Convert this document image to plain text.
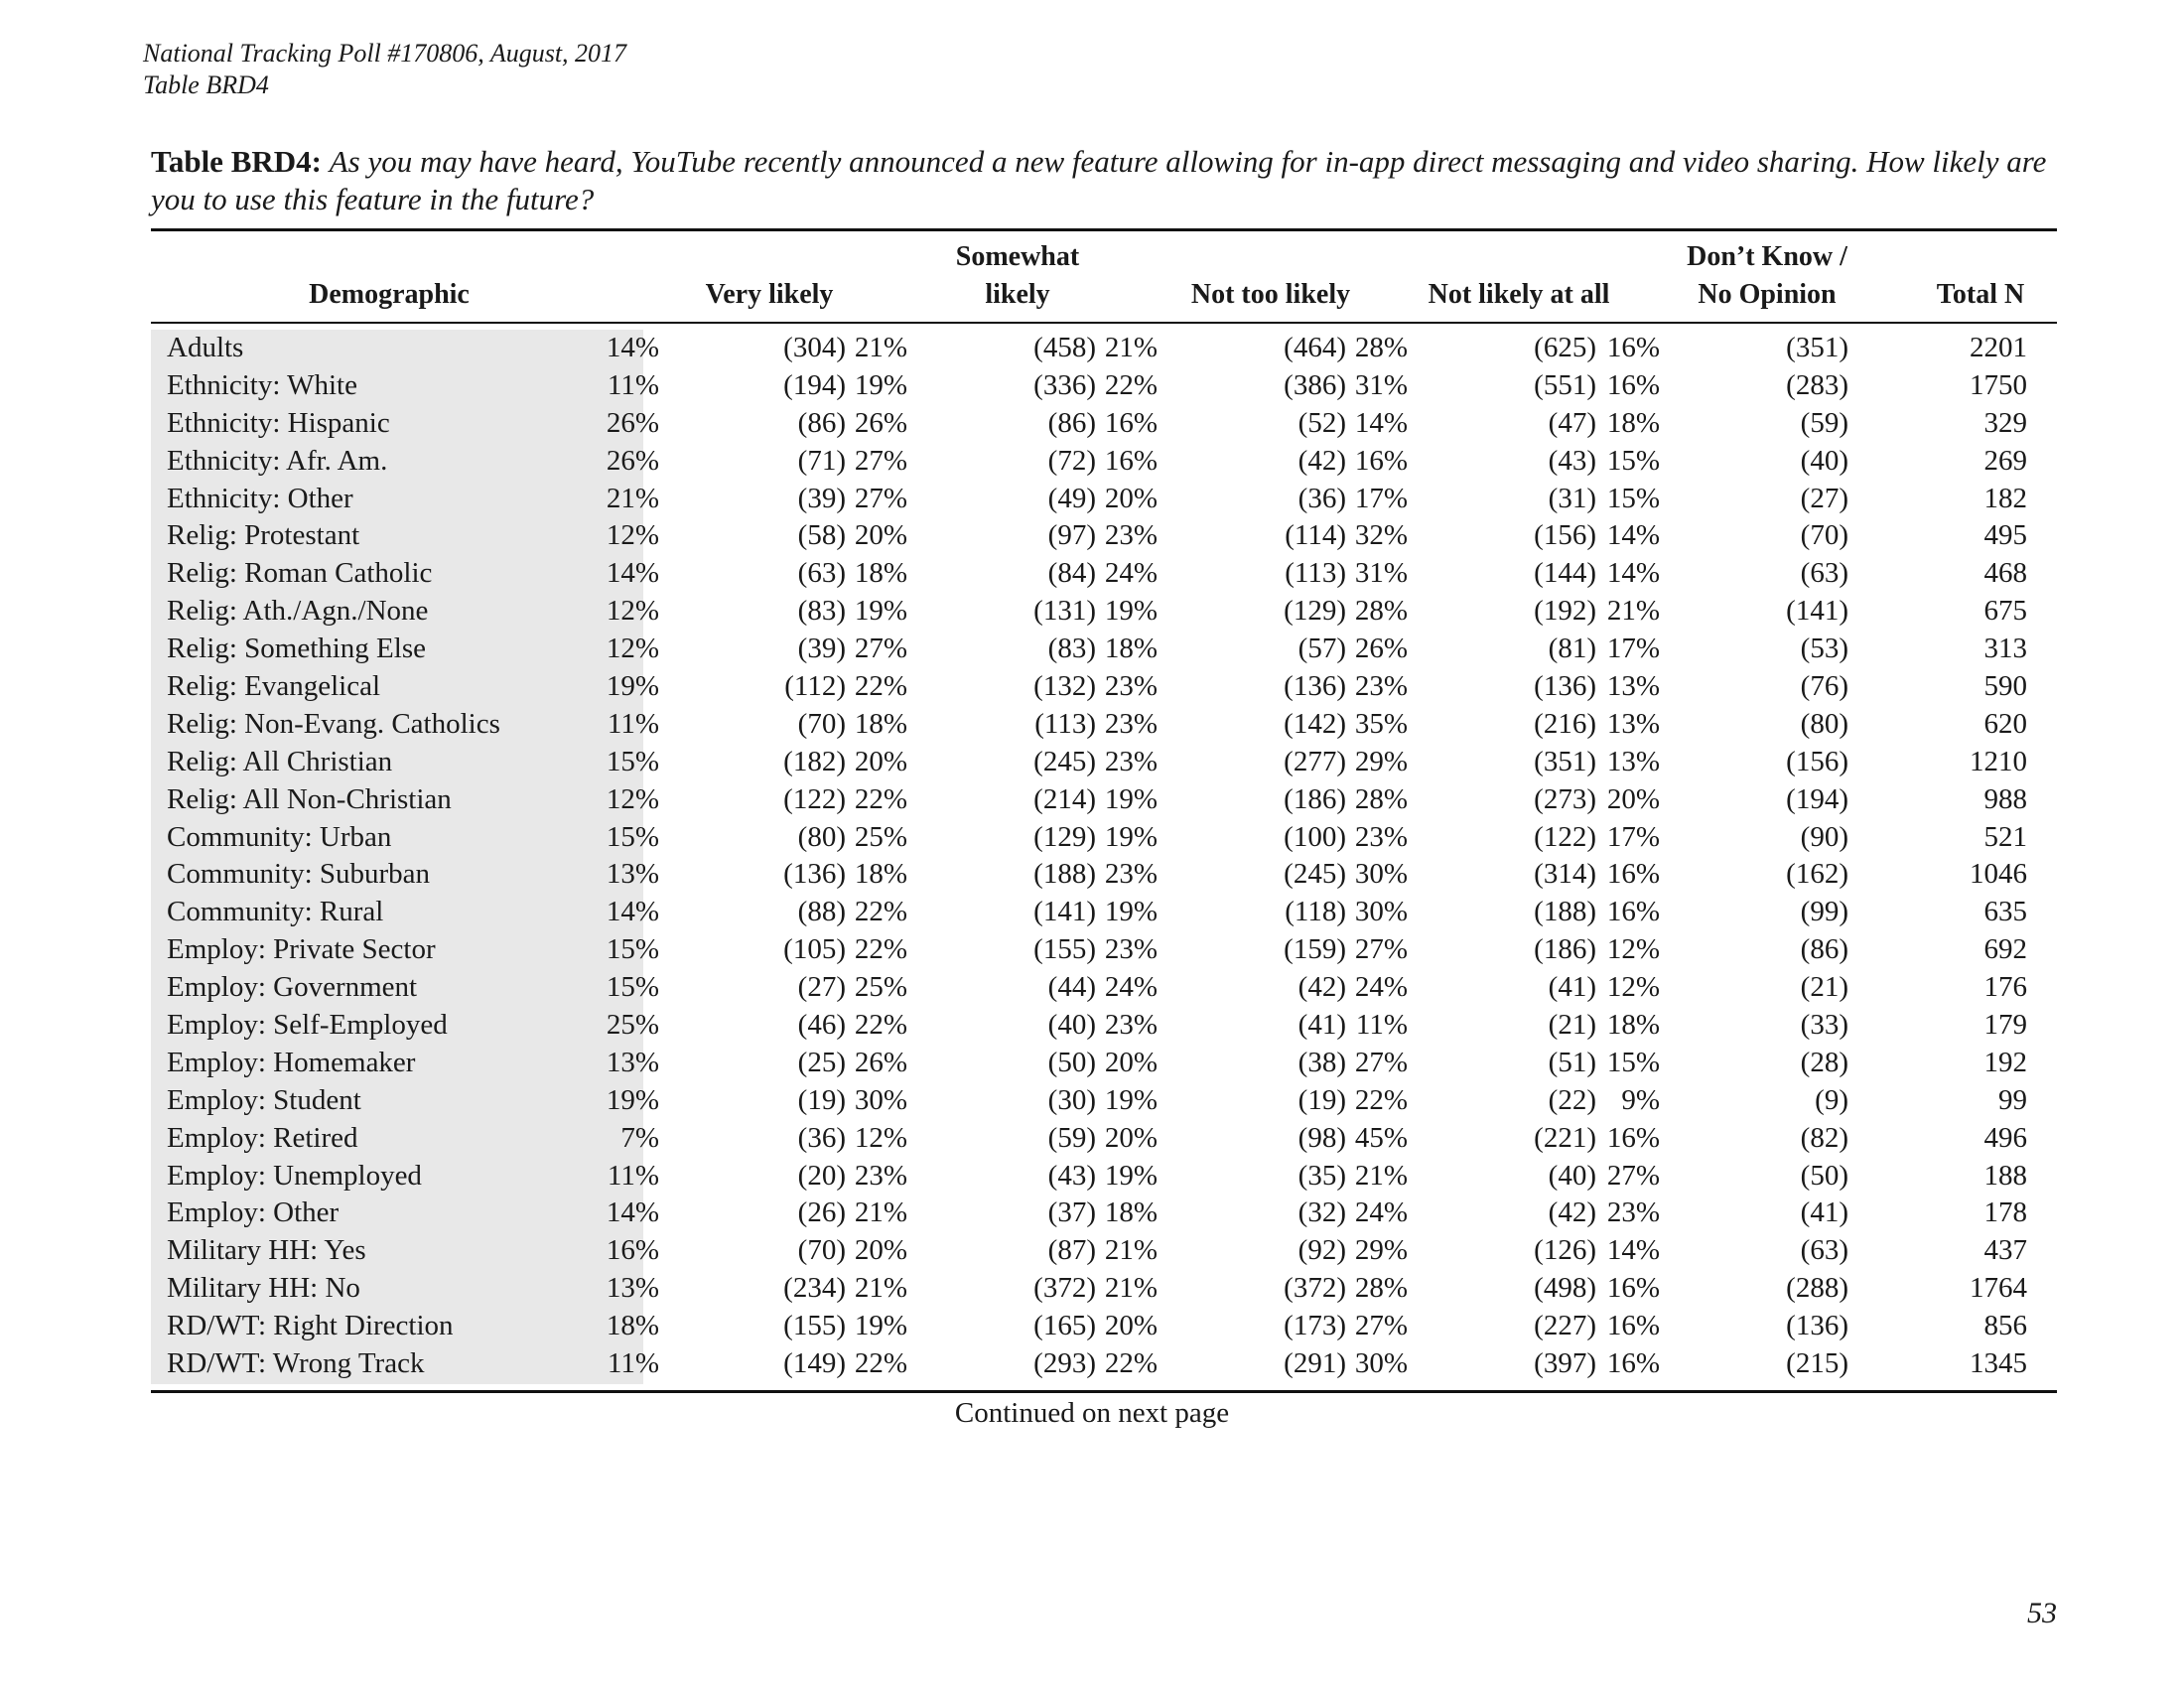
National Tracking Poll #170806, August, 2017
Table BRD4
Table BRD4: As you may have heard, YouTube recently announced a new feature allowing for in-app direct messaging and video sharing. How likely are you to use this feature in the future?
Demographic	Very likely
Somewhat
likely	Not too likely	Not likely at all
Don’t Know /
No Opinion	Total N
Adults	14%	(304) 21%	(458) 21%	(464) 28%	(625) 16%	(351)	2201
Ethnicity: White	11%	(194) 19%	(336) 22%	(386) 31%	(551) 16%	(283)	1750
Ethnicity: Hispanic	26%	(86) 26%	(86) 16%	(52) 14%	(47) 18%	(59)	329
Ethnicity: Afr. Am.	26%	(71) 27%	(72) 16%	(42) 16%	(43) 15%	(40)	269
Ethnicity: Other	21%	(39) 27%	(49) 20%	(36) 17%	(31) 15%	(27)	182
Relig: Protestant	12%	(58) 20%	(97) 23%	(114) 32%	(156) 14%	(70)	495
Relig: Roman Catholic	14%	(63) 18%	(84) 24%	(113) 31%	(144) 14%	(63)	468
Relig: Ath./Agn./None	12%	(83) 19%	(131) 19%	(129) 28%	(192) 21%	(141)	675
Relig: Something Else	12%	(39) 27%	(83) 18%	(57) 26%	(81) 17%	(53)	313
Relig: Evangelical	19%	(112) 22%	(132) 23%	(136) 23%	(136) 13%	(76)	590
Relig: Non-Evang. Catholics	11%	(70) 18%	(113) 23%	(142) 35%	(216) 13%	(80)	620
Relig: All Christian	15%	(182) 20%	(245) 23%	(277) 29%	(351) 13%	(156)	1210
Relig: All Non-Christian	12%	(122) 22%	(214) 19%	(186) 28%	(273) 20%	(194)	988
Community: Urban	15%	(80) 25%	(129) 19%	(100) 23%	(122) 17%	(90)	521
Community: Suburban	13%	(136) 18%	(188) 23%	(245) 30%	(314) 16%	(162)	1046
Community: Rural	14%	(88) 22%	(141) 19%	(118) 30%	(188) 16%	(99)	635
Employ: Private Sector	15%	(105) 22%	(155) 23%	(159) 27%	(186) 12%	(86)	692
Employ: Government	15%	(27) 25%	(44) 24%	(42) 24%	(41) 12%	(21)	176
Employ: Self-Employed	25%	(46) 22%	(40) 23%	(41) 11%	(21) 18%	(33)	179
Employ: Homemaker	13%	(25) 26%	(50) 20%	(38) 27%	(51) 15%	(28)	192
Employ: Student	19%	(19) 30%	(30) 19%	(19) 22%	(22) 9%	(9)	99
Employ: Retired	7%	(36) 12%	(59) 20%	(98) 45%	(221) 16%	(82)	496
Employ: Unemployed	11%	(20) 23%	(43) 19%	(35) 21%	(40) 27%	(50)	188
Employ: Other	14%	(26) 21%	(37) 18%	(32) 24%	(42) 23%	(41)	178
Military HH: Yes	16%	(70) 20%	(87) 21%	(92) 29%	(126) 14%	(63)	437
Military HH: No	13%	(234) 21%	(372) 21%	(372) 28%	(498) 16%	(288)	1764
RD/WT: Right Direction	18%	(155) 19%	(165) 20%	(173) 27%	(227) 16%	(136)	856
RD/WT: Wrong Track	11%	(149) 22%	(293) 22%	(291) 30%	(397) 16%	(215)	1345
Continued on next page
53
